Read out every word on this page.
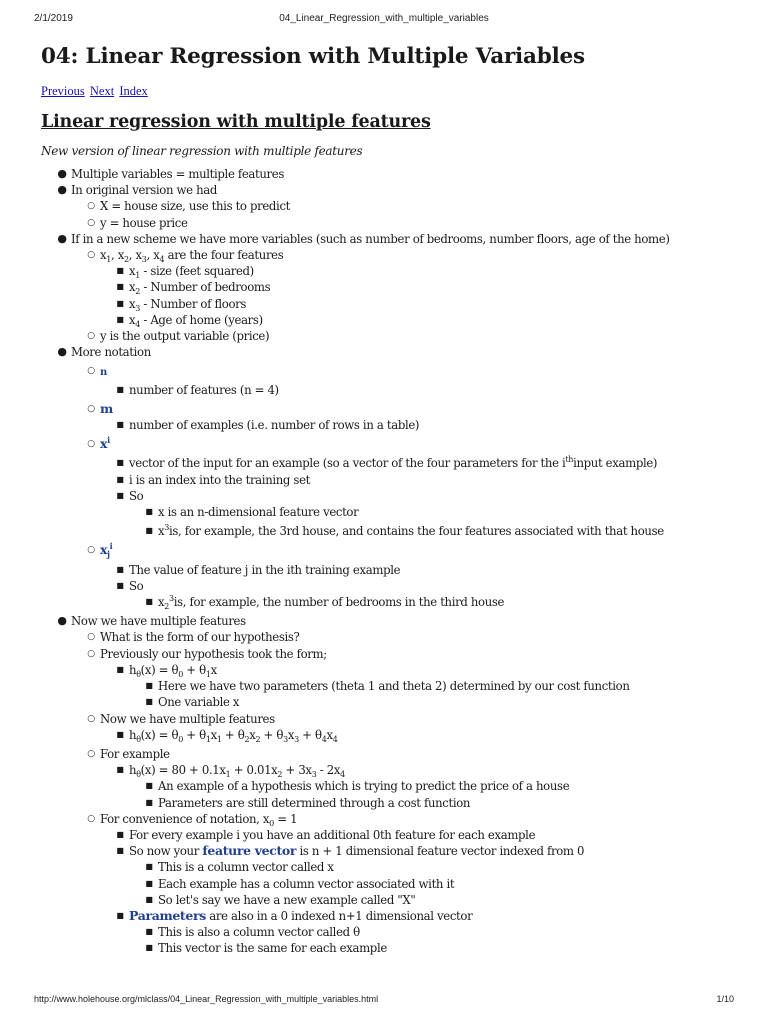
2/1/2019	04_Linear_Regression_with_multiple_variables
04: Linear Regression with Multiple Variables
Previous Next Index
Linear regression with multiple features
New version of linear regression with multiple features
● Multiple variables = multiple features
● In original version we had
○ X = house size, use this to predict
○ y = house price
● If in a new scheme we have more variables (such as number of bedrooms, number floors, age of the home)
○ $x_1$, $x_2$, $x_3$, $x_4$ are the four features
■ $x_1$ - size (feet squared)
■ $x_2$ - Number of bedrooms
■ $x_3$ - Number of floors
■ $x_4$ - Age of home (years)
○ y is the output variable (price)
● More notation
○ n
■ number of features (n = 4)
○ m
■ number of examples (i.e. number of rows in a table)
○ $x^i$
■ vector of the input for an example (so a vector of the four parameters for the $i^{th}input$ example)
■ i is an index into the training set
■ So
■ x is an n-dimensional feature vector
■ $x^3is$, for example, the 3rd house, and contains the four features associated with that house
○ $x_j^i$
■ The value of feature j in the ith training example
■ So
■ $x_2^3is$, for example, the number of bedrooms in the third house
● Now we have multiple features
○ What is the form of our hypothesis?
○ Previously our hypothesis took the form;
■ $h_\theta(x) = \theta_0 + \theta_1x$
■ Here we have two parameters (theta 1 and theta 2) determined by our cost function
■ One variable x
○ Now we have multiple features
■ $h_\theta(x) = \theta_0 + \theta_1x_1 + \theta_2x_2 + \theta_3x_3 + \theta_4x_4$
○ For example
■ $h_\theta(x) = 80 + 0.1x_1 + 0.01x_2 + 3x_3 - 2x_4$
■ An example of a hypothesis which is trying to predict the price of a house
■ Parameters are still determined through a cost function
○ For convenience of notation, $x_0 = 1$
■ For every example i you have an additional 0th feature for each example
■ So now your feature vector is n + 1 dimensional feature vector indexed from 0
■ This is a column vector called x
■ Each example has a column vector associated with it
■ So let's say we have a new example called "X"
■ Parameters are also in a 0 indexed n+1 dimensional vector
■ This is also a column vector called θ
■ This vector is the same for each example
http://www.holehouse.org/mlclass/04_Linear_Regression_with_multiple_variables.html	1/10
